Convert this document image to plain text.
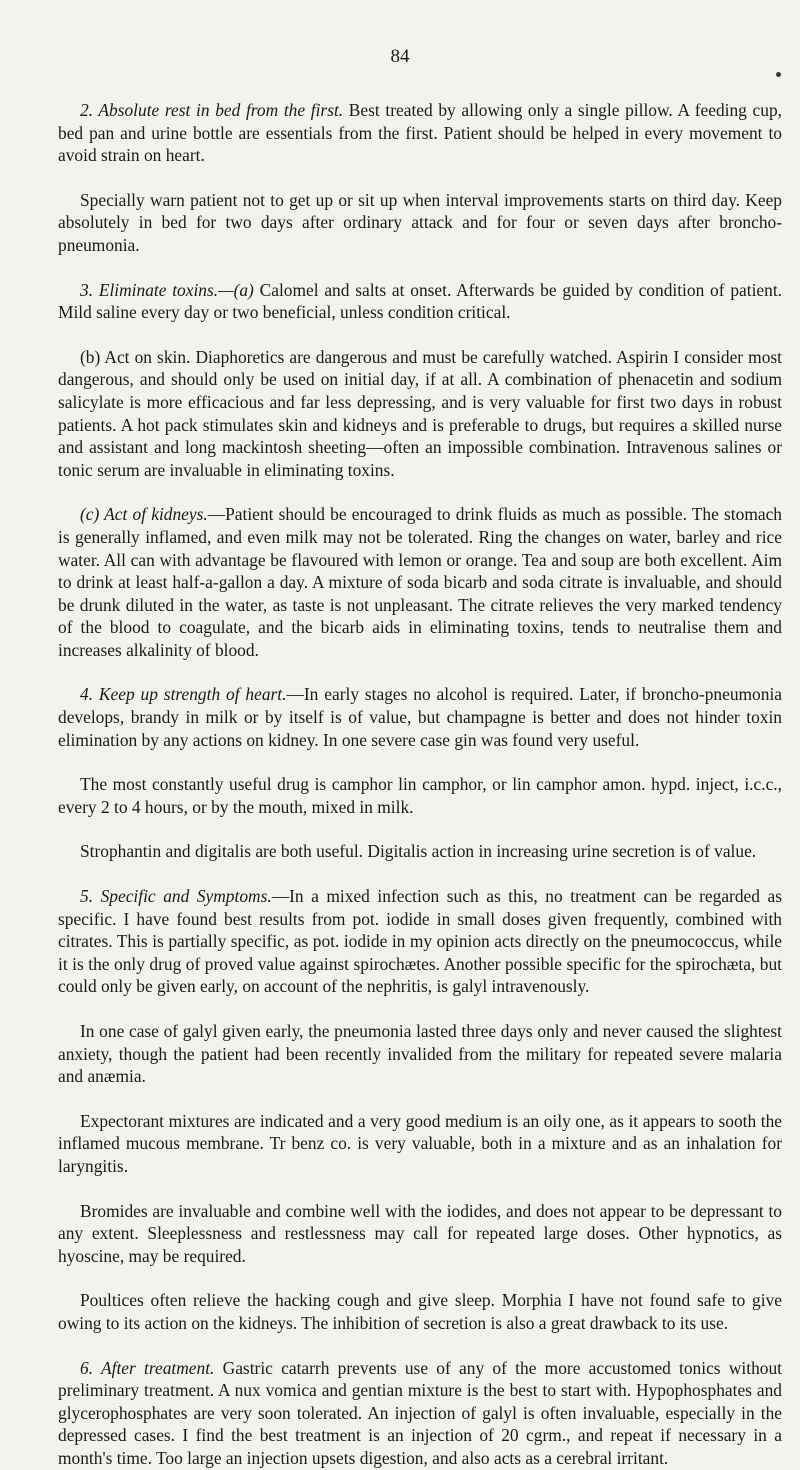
84

2. Absolute rest in bed from the first. Best treated by allowing only a single pillow. A feeding cup, bed pan and urine bottle are essentials from the first. Patient should be helped in every movement to avoid strain on heart.

Specially warn patient not to get up or sit up when interval improvements starts on third day. Keep absolutely in bed for two days after ordinary attack and for four or seven days after broncho-pneumonia.

3. Eliminate toxins.—(a) Calomel and salts at onset. Afterwards be guided by condition of patient. Mild saline every day or two beneficial, unless condition critical.

(b) Act on skin. Diaphoretics are dangerous and must be carefully watched. Aspirin I consider most dangerous, and should only be used on initial day, if at all. A combination of phenacetin and sodium salicylate is more efficacious and far less depressing, and is very valuable for first two days in robust patients. A hot pack stimulates skin and kidneys and is preferable to drugs, but requires a skilled nurse and assistant and long mackintosh sheeting—often an impossible combination. Intravenous salines or tonic serum are invaluable in eliminating toxins.

(c) Act of kidneys.—Patient should be encouraged to drink fluids as much as possible. The stomach is generally inflamed, and even milk may not be tolerated. Ring the changes on water, barley and rice water. All can with advantage be flavoured with lemon or orange. Tea and soup are both excellent. Aim to drink at least half-a-gallon a day. A mixture of soda bicarb and soda citrate is invaluable, and should be drunk diluted in the water, as taste is not unpleasant. The citrate relieves the very marked tendency of the blood to coagulate, and the bicarb aids in eliminating toxins, tends to neutralise them and increases alkalinity of blood.

4. Keep up strength of heart.—In early stages no alcohol is required. Later, if broncho-pneumonia develops, brandy in milk or by itself is of value, but champagne is better and does not hinder toxin elimination by any actions on kidney. In one severe case gin was found very useful.

The most constantly useful drug is camphor lin camphor, or lin camphor amon. hypd. inject, i.c.c., every 2 to 4 hours, or by the mouth, mixed in milk.

Strophantin and digitalis are both useful. Digitalis action in increasing urine secretion is of value.

5. Specific and Symptoms.—In a mixed infection such as this, no treatment can be regarded as specific. I have found best results from pot. iodide in small doses given frequently, combined with citrates. This is partially specific, as pot. iodide in my opinion acts directly on the pneumococcus, while it is the only drug of proved value against spirochætes. Another possible specific for the spirochæta, but could only be given early, on account of the nephritis, is galyl intravenously.

In one case of galyl given early, the pneumonia lasted three days only and never caused the slightest anxiety, though the patient had been recently invalided from the military for repeated severe malaria and anæmia.

Expectorant mixtures are indicated and a very good medium is an oily one, as it appears to sooth the inflamed mucous membrane. Tr benz co. is very valuable, both in a mixture and as an inhalation for laryngitis.

Bromides are invaluable and combine well with the iodides, and does not appear to be depressant to any extent. Sleeplessness and restlessness may call for repeated large doses. Other hypnotics, as hyoscine, may be required.

Poultices often relieve the hacking cough and give sleep. Morphia I have not found safe to give owing to its action on the kidneys. The inhibition of secretion is also a great drawback to its use.

6. After treatment. Gastric catarrh prevents use of any of the more accustomed tonics without preliminary treatment. A nux vomica and gentian mixture is the best to start with. Hypophosphates and glycerophosphates are very soon tolerated. An injection of galyl is often invaluable, especially in the depressed cases. I find the best treatment is an injection of 20 cgrm., and repeat if necessary in a month's time. Too large an injection upsets digestion, and also acts as a cerebral irritant.
